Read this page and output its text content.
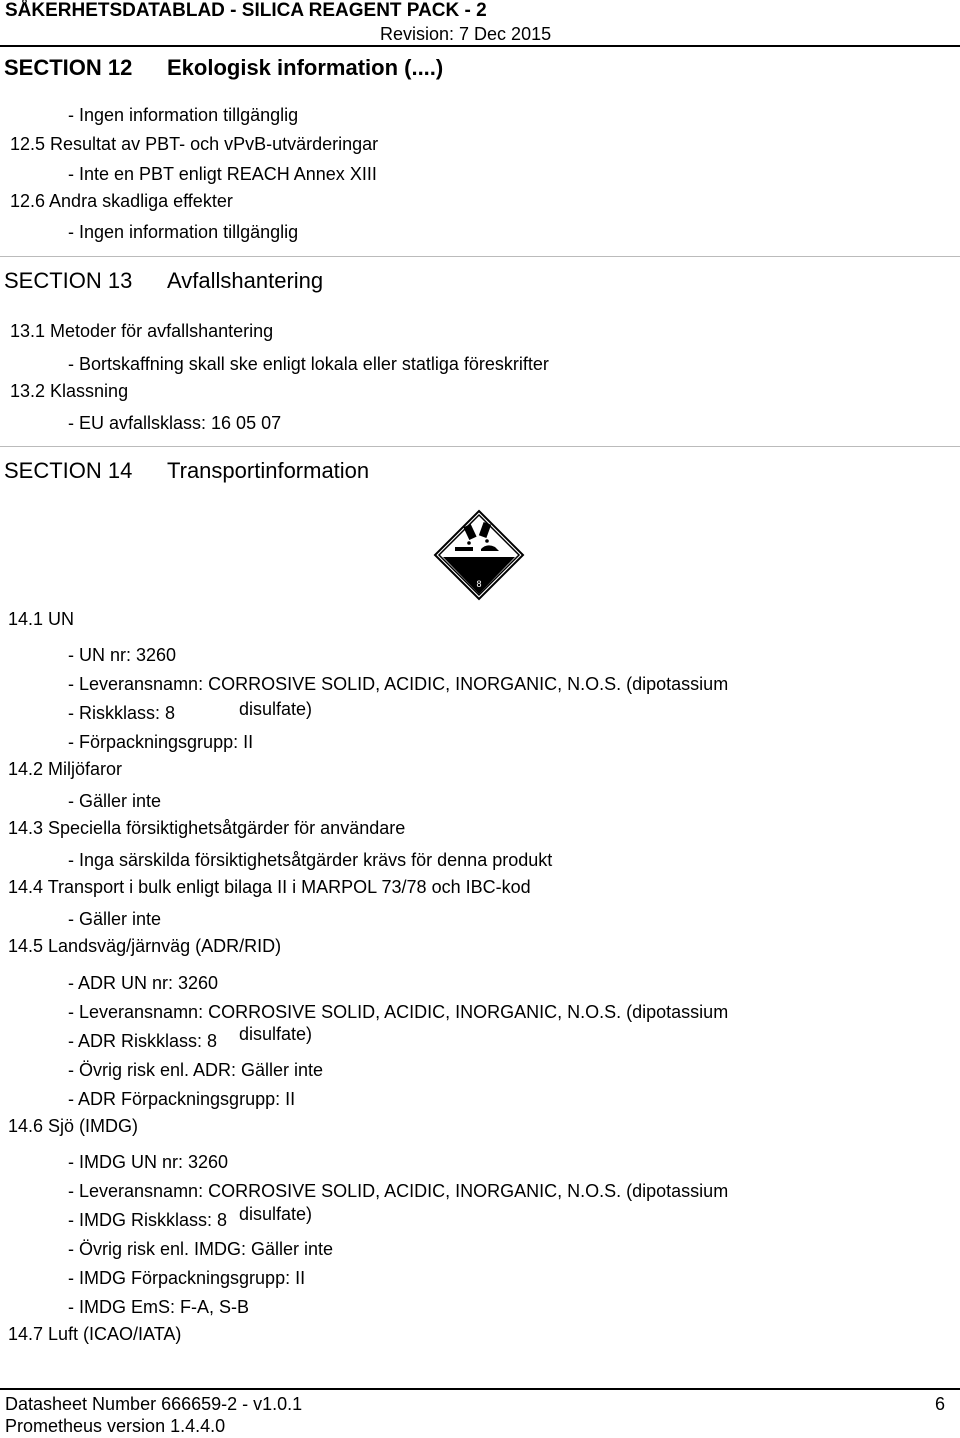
SÅKERHETSDATABLAD - SILICA REAGENT PACK - 2
Revision: 7 Dec 2015
SECTION 12 Ekologisk information (....)
- Ingen information tillgänglig
12.5 Resultat av PBT- och vPvB-utvärderingar
- Inte en PBT enligt REACH Annex XIII
12.6 Andra skadliga effekter
- Ingen information tillgänglig
SECTION 13 Avfallshantering
13.1 Metoder för avfallshantering
- Bortskaffning skall ske enligt lokala eller statliga föreskrifter
13.2 Klassning
- EU avfallsklass: 16 05 07
SECTION 14 Transportinformation
8
14.1 UN
- UN nr: 3260
- Leveransnamn: CORROSIVE SOLID, ACIDIC, INORGANIC, N.O.S. (dipotassium
disulfate)
- Riskklass: 8
- Förpackningsgrupp: II
14.2 Miljöfaror
- Gäller inte
14.3 Speciella försiktighetsåtgärder för användare
- Inga särskilda försiktighetsåtgärder krävs för denna produkt
14.4 Transport i bulk enligt bilaga II i MARPOL 73/78 och IBC-kod
- Gäller inte
14.5 Landsväg/järnväg (ADR/RID)
- ADR UN nr: 3260
- Leveransnamn: CORROSIVE SOLID, ACIDIC, INORGANIC, N.O.S. (dipotassium
- ADR Riskklass: 8 disulfate)
- Övrig risk enl. ADR: Gäller inte
- ADR Förpackningsgrupp: II
14.6 Sjö (IMDG)
- IMDG UN nr: 3260
- Leveransnamn: CORROSIVE SOLID, ACIDIC, INORGANIC, N.O.S. (dipotassium
- IMDG Riskklass: 8 disulfate)
- Övrig risk enl. IMDG: Gäller inte
- IMDG Förpackningsgrupp: II
- IMDG EmS: F-A, S-B
14.7 Luft (ICAO/IATA)
Datasheet Number 666659-2 - v1.0.1	6
Prometheus version 1.4.4.0
